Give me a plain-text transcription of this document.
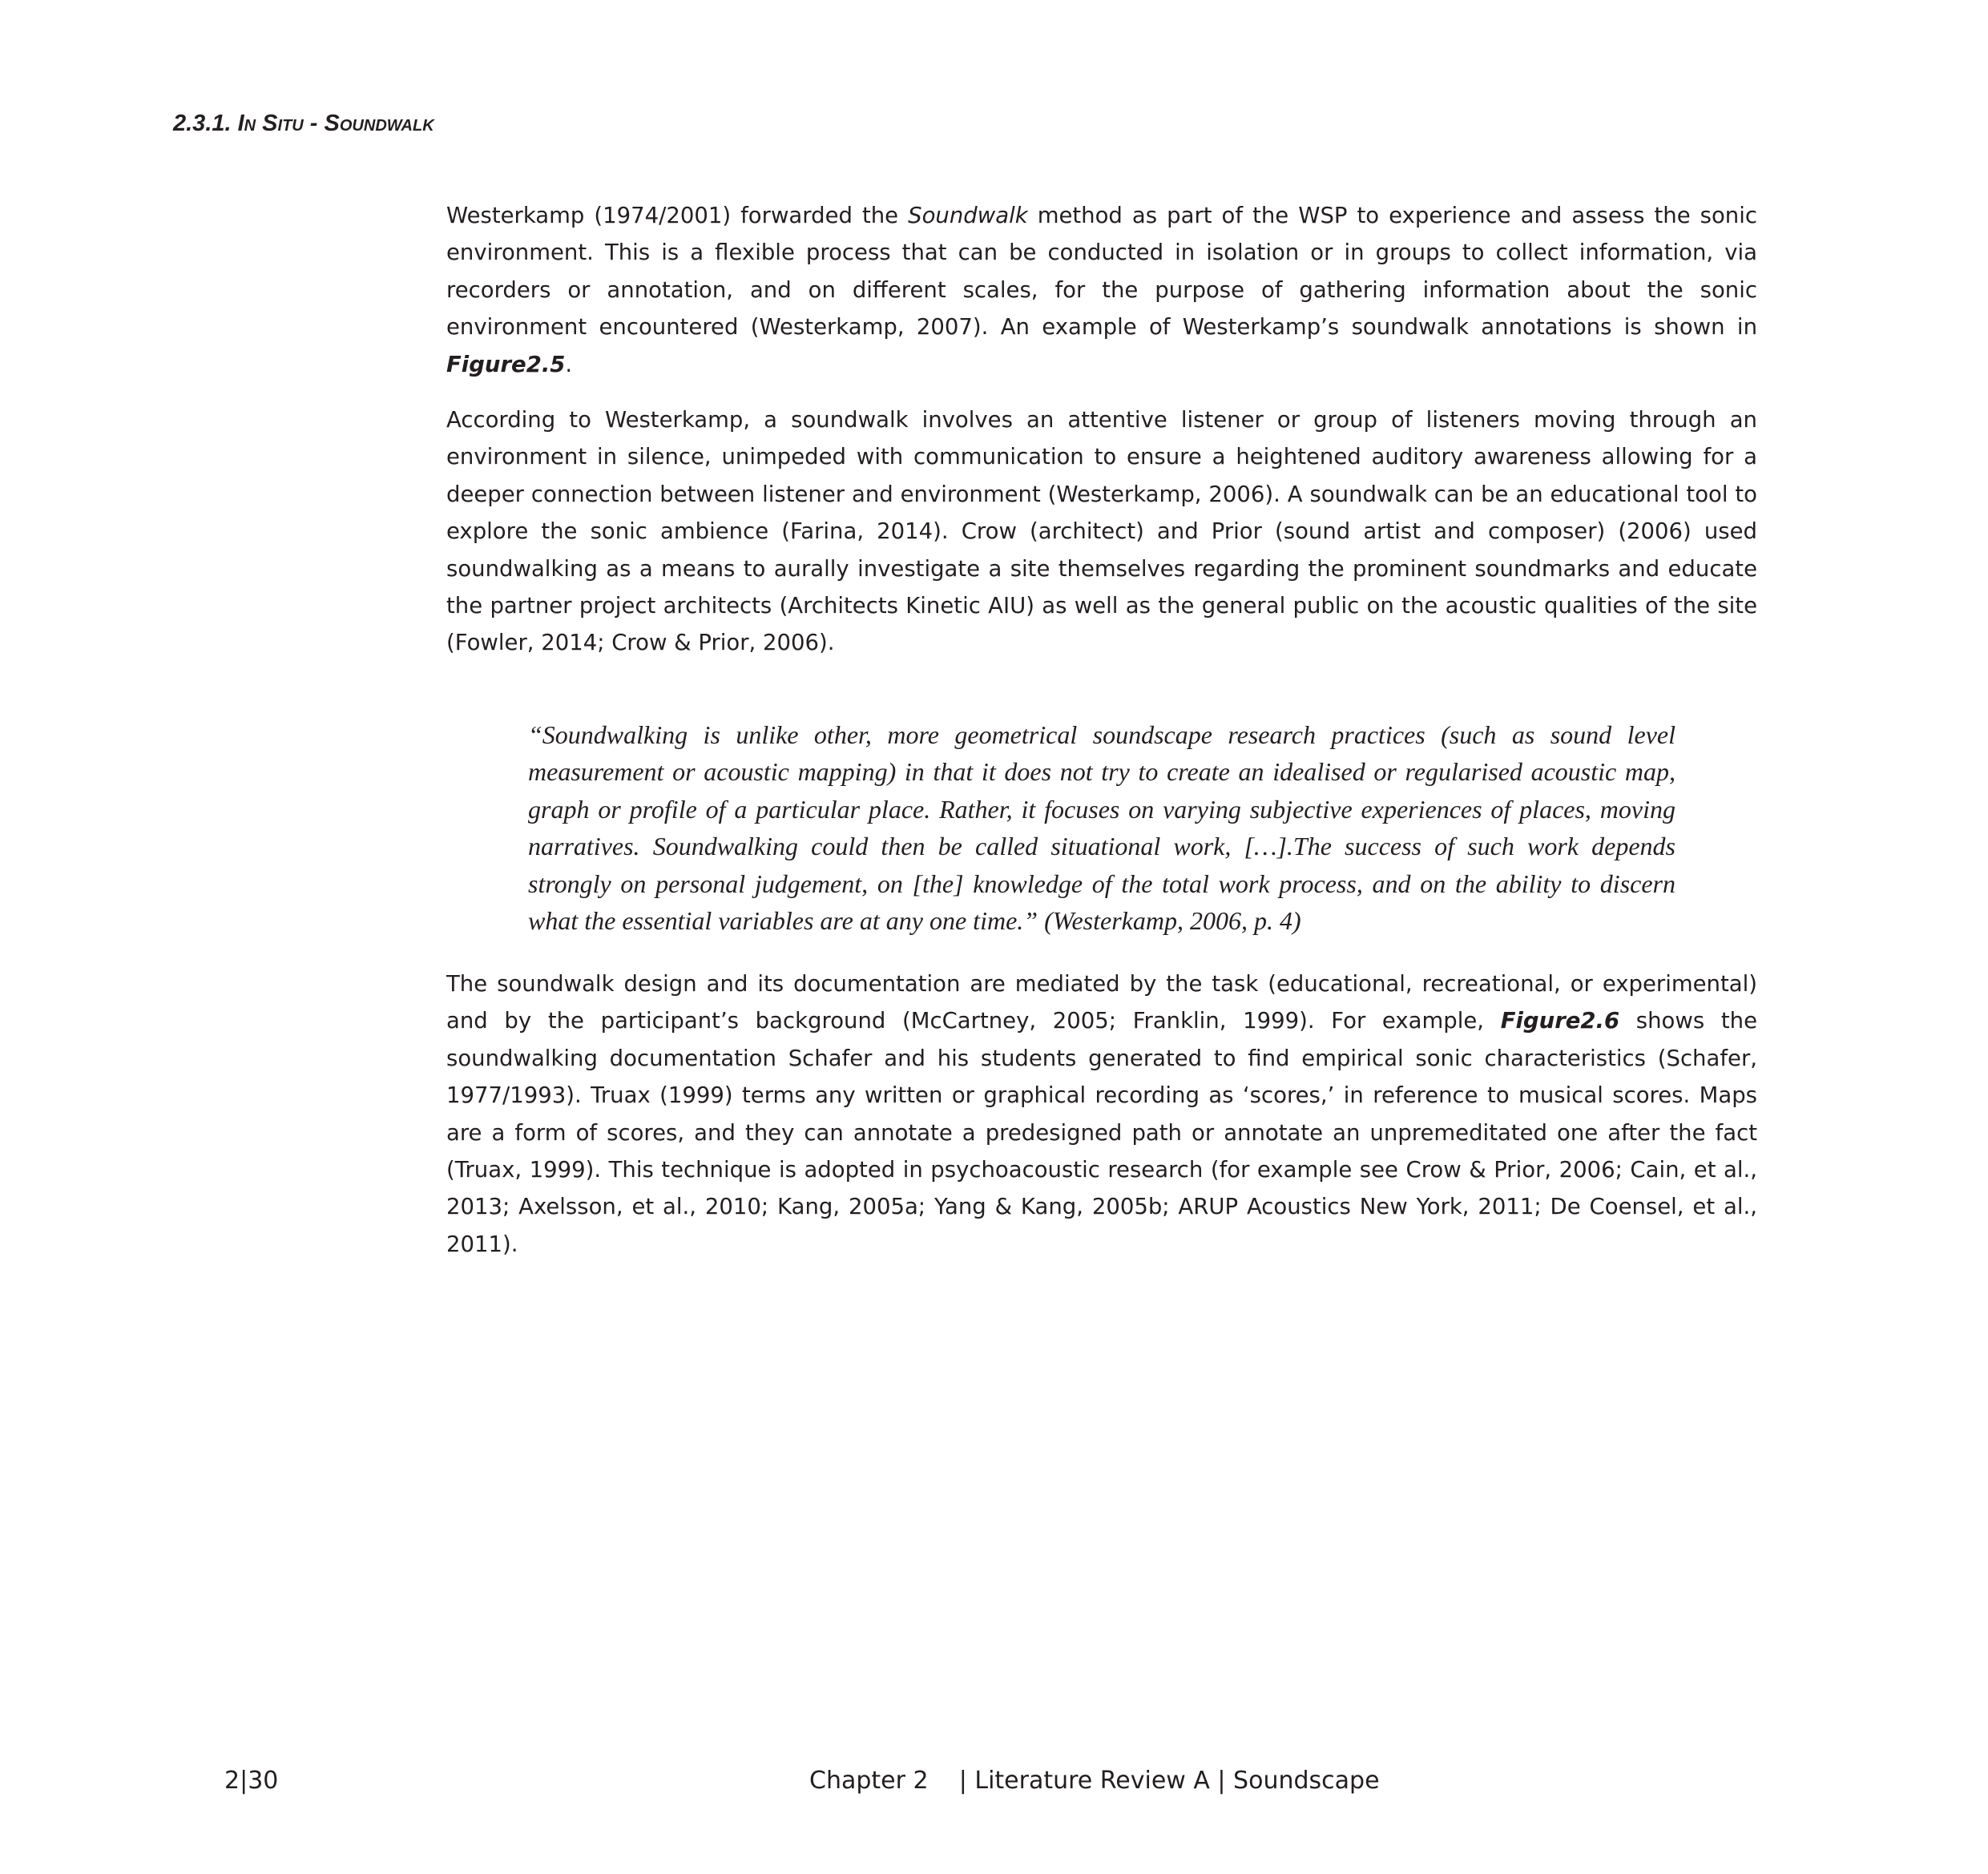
2.3.1. In Situ - Soundwalk

Westerkamp (1974/2001) forwarded the Soundwalk method as part of the WSP to experience and assess the sonic environment. This is a flexible process that can be conducted in isolation or in groups to collect information, via recorders or annotation, and on different scales, for the purpose of gathering information about the sonic environment encountered (Westerkamp, 2007). An example of Westerkamp’s soundwalk annotations is shown in Figure2.5.

According to Westerkamp, a soundwalk involves an attentive listener or group of listeners moving through an environment in silence, unimpeded with communication to ensure a heightened auditory awareness allowing for a deeper connection between listener and environment (Westerkamp, 2006). A soundwalk can be an educational tool to explore the sonic ambience (Farina, 2014). Crow (architect) and Prior (sound artist and composer) (2006) used soundwalking as a means to aurally investigate a site themselves regarding the prominent soundmarks and educate the partner project architects (Architects Kinetic AIU) as well as the general public on the acoustic qualities of the site (Fowler, 2014; Crow & Prior, 2006).

“Soundwalking is unlike other, more geometrical soundscape research practices (such as sound level measurement or acoustic mapping) in that it does not try to create an idealised or regularised acoustic map, graph or profile of a particular place. Rather, it focuses on varying subjective experiences of places, moving narratives. Soundwalking could then be called situational work, […].The success of such work depends strongly on personal judgement, on [the] knowledge of the total work process, and on the ability to discern what the essential variables are at any one time.” (Westerkamp, 2006, p. 4)

The soundwalk design and its documentation are mediated by the task (educational, recreational, or experimental) and by the participant’s background (McCartney, 2005; Franklin, 1999). For example, Figure2.6 shows the soundwalking documentation Schafer and his students generated to find empirical sonic characteristics (Schafer, 1977/1993). Truax (1999) terms any written or graphical recording as ‘scores,’ in reference to musical scores. Maps are a form of scores, and they can annotate a predesigned path or annotate an unpremeditated one after the fact (Truax, 1999). This technique is adopted in psychoacoustic research (for example see Crow & Prior, 2006; Cain, et al., 2013; Axelsson, et al., 2010; Kang, 2005a; Yang & Kang, 2005b; ARUP Acoustics New York, 2011; De Coensel, et al., 2011).

2|30	Chapter 2    | Literature Review A | Soundscape
